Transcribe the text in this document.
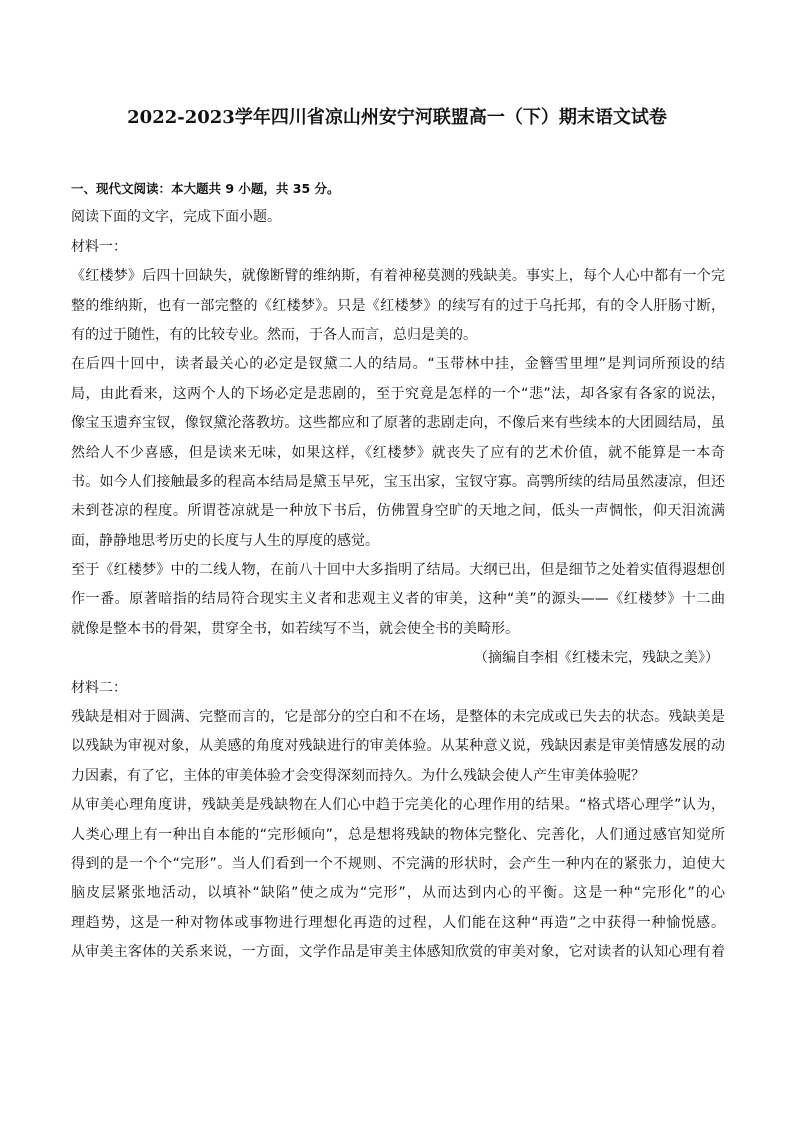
2022-2023学年四川省凉山州安宁河联盟高一（下）期末语文试卷
一、现代文阅读：本大题共 9 小题，共 35 分。
阅读下面的文字，完成下面小题。
材料一：
《红楼梦》后四十回缺失，就像断臂的维纳斯，有着神秘莫测的残缺美。事实上，每个人心中都有一个完
整的维纳斯，也有一部完整的《红楼梦》。只是《红楼梦》的续写有的过于乌托邦，有的令人肝肠寸断，
有的过于随性，有的比较专业。然而，于各人而言，总归是美的。
在后四十回中，读者最关心的必定是钗黛二人的结局。“玉带林中挂，金簪雪里埋”是判词所预设的结
局，由此看来，这两个人的下场必定是悲剧的，至于究竟是怎样的一个“悲”法，却各家有各家的说法，
像宝玉遗弃宝钗，像钗黛沦落教坊。这些都应和了原著的悲剧走向，不像后来有些续本的大团圆结局，虽
然给人不少喜感，但是读来无味，如果这样，《红楼梦》就丧失了应有的艺术价值，就不能算是一本奇
书。如今人们接触最多的程高本结局是黛玉早死，宝玉出家，宝钗守寡。高鹗所续的结局虽然凄凉，但还
未到苍凉的程度。所谓苍凉就是一种放下书后，仿佛置身空旷的天地之间，低头一声惆怅，仰天泪流满
面，静静地思考历史的长度与人生的厚度的感觉。
至于《红楼梦》中的二线人物，在前八十回中大多指明了结局。大纲已出，但是细节之处着实值得遐想创
作一番。原著暗指的结局符合现实主义者和悲观主义者的审美，这种“美”的源头——《红楼梦》十二曲
就像是整本书的骨架，贯穿全书，如若续写不当，就会使全书的美畸形。
（摘编自李相《红楼未完，残缺之美》）
材料二：
残缺是相对于圆满、完整而言的，它是部分的空白和不在场，是整体的未完成或已失去的状态。残缺美是
以残缺为审视对象，从美感的角度对残缺进行的审美体验。从某种意义说，残缺因素是审美情感发展的动
力因素，有了它，主体的审美体验才会变得深刻而持久。为什么残缺会使人产生审美体验呢？
从审美心理角度讲，残缺美是残缺物在人们心中趋于完美化的心理作用的结果。“格式塔心理学”认为，
人类心理上有一种出自本能的“完形倾向”，总是想将残缺的物体完整化、完善化，人们通过感官知觉所
得到的是一个个“完形”。当人们看到一个不规则、不完满的形状时，会产生一种内在的紧张力，迫使大
脑皮层紧张地活动，以填补“缺陷”使之成为“完形”，从而达到内心的平衡。这是一种“完形化”的心
理趋势，这是一种对物体或事物进行理想化再造的过程，人们能在这种“再造”之中获得一种愉悦感。
从审美主客体的关系来说，一方面，文学作品是审美主体感知欣赏的审美对象，它对读者的认知心理有着
